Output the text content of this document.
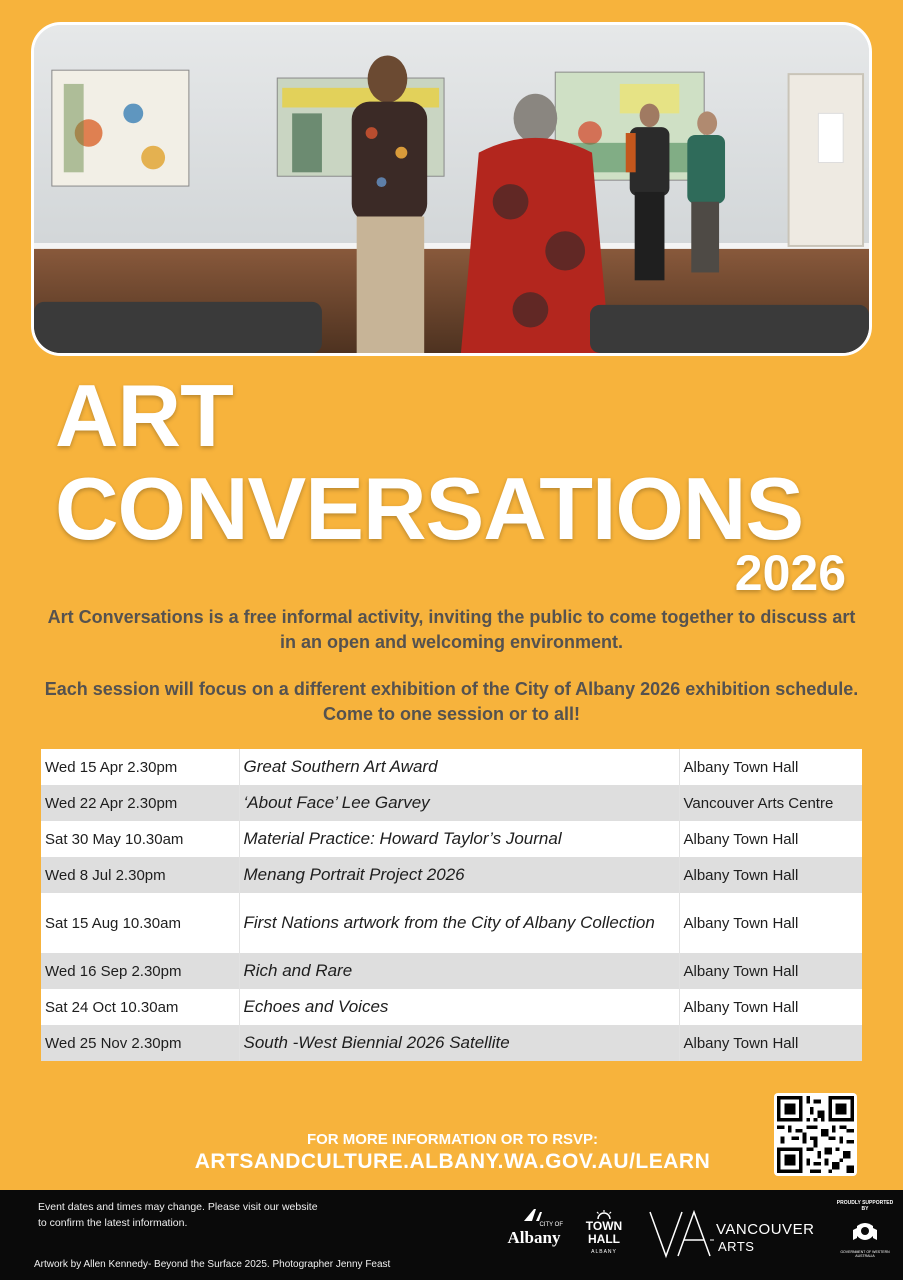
ART
CONVERSATIONS
2026

Art Conversations is a free informal activity, inviting the public to come together to discuss art in an open and welcoming environment.

Each session will focus on a different exhibition of the City of Albany 2026 exhibition schedule. Come to one session or to all!

Wed 15 Apr 2.30pm	Great Southern Art Award	Albany Town Hall
Wed 22 Apr 2.30pm	‘About Face’ Lee Garvey	Vancouver Arts Centre
Sat 30 May 10.30am	Material Practice: Howard Taylor’s Journal	Albany Town Hall
Wed 8 Jul 2.30pm	Menang Portrait Project 2026	Albany Town Hall
Sat 15 Aug 10.30am	First Nations artwork from the City of Albany Collection	Albany Town Hall
Wed 16 Sep 2.30pm	Rich and Rare	Albany Town Hall
Sat 24 Oct 10.30am	Echoes and Voices	Albany Town Hall
Wed 25 Nov 2.30pm	South -West Biennial 2026 Satellite	Albany Town Hall
FOR MORE INFORMATION OR TO RSVP:
ARTSANDCULTURE.ALBANY.WA.GOV.AU/LEARN

Event dates and times may change. Please visit our website to confirm the latest information.

Artwork by Allen Kennedy- Beyond the Surface 2025. Photographer Jenny Feast

CITY OF
Albany
TOWN
HALL
ALBANY
VANCOUVER
ARTS
PROUDLY SUPPORTED BY
GOVERNMENT OF WESTERN AUSTRALIA
